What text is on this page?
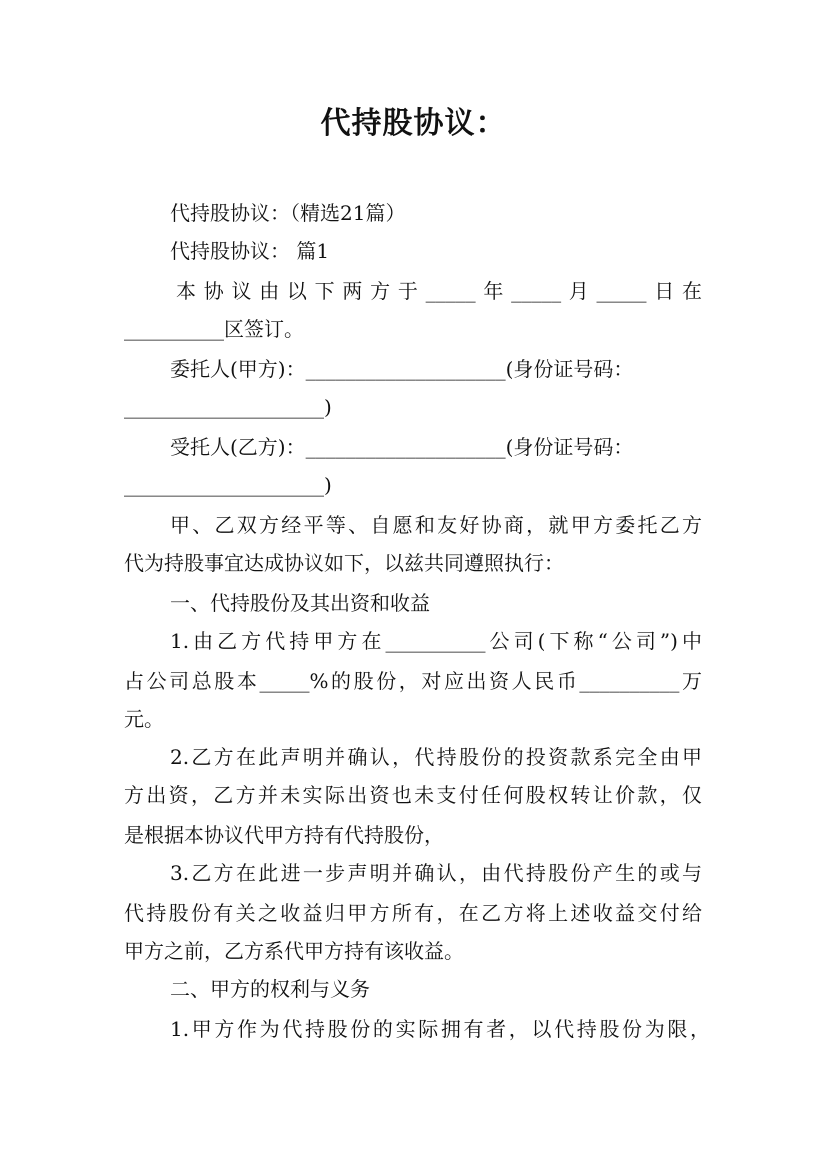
代持股协议：
代持股协议：（精选21篇）
代持股协议： 篇1
本协议由以下两方于_____年_____月_____日在
__________区签订。
委托人(甲方)：____________________(身份证号码：
____________________)
受托人(乙方)：____________________(身份证号码：
____________________)
甲、乙双方经平等、自愿和友好协商，就甲方委托乙方
代为持股事宜达成协议如下，以兹共同遵照执行：
一、代持股份及其出资和收益
1.由乙方代持甲方在__________公司(下称“公司”)中
占公司总股本_____%的股份，对应出资人民币__________万
元。
2.乙方在此声明并确认，代持股份的投资款系完全由甲
方出资，乙方并未实际出资也未支付任何股权转让价款，仅
是根据本协议代甲方持有代持股份，
3.乙方在此进一步声明并确认，由代持股份产生的或与
代持股份有关之收益归甲方所有，在乙方将上述收益交付给
甲方之前，乙方系代甲方持有该收益。
二、甲方的权利与义务
1.甲方作为代持股份的实际拥有者，以代持股份为限，
